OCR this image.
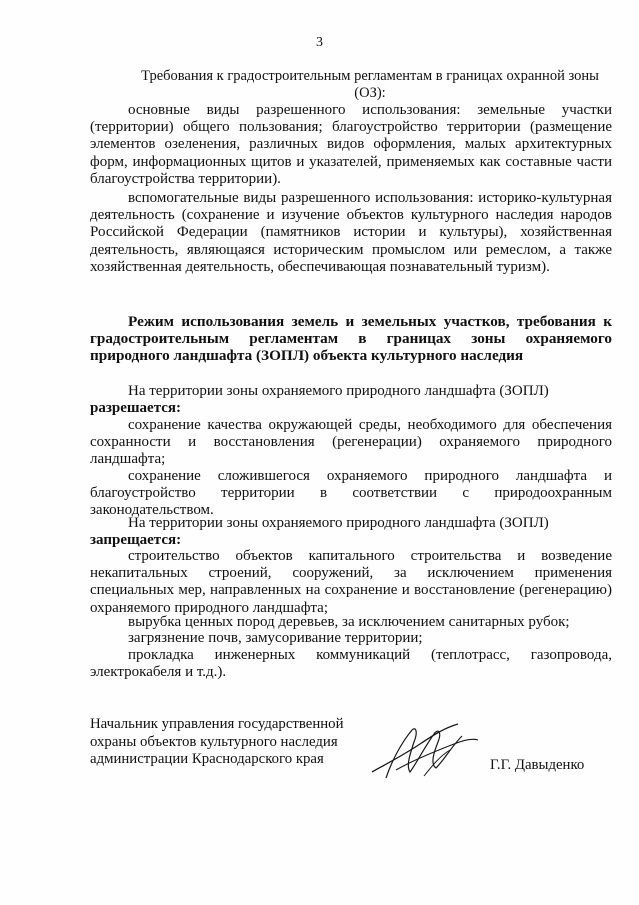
3
Требования к градостроительным регламентам в границах охранной зоны (ОЗ):
основные виды разрешенного использования: земельные участки (территории) общего пользования; благоустройство территории (размещение элементов озеленения, различных видов оформления, малых архитектурных форм, информационных щитов и указателей, применяемых как составные части благоустройства территории).
вспомогательные виды разрешенного использования: историко-культурная деятельность (сохранение и изучение объектов культурного наследия народов Российской Федерации (памятников истории и культуры), хозяйственная деятельность, являющаяся историческим промыслом или ремеслом, а также хозяйственная деятельность, обеспечивающая познавательный туризм).
Режим использования земель и земельных участков, требования к градостроительным регламентам в границах зоны охраняемого природного ландшафта (ЗОПЛ) объекта культурного наследия
На территории зоны охраняемого природного ландшафта (ЗОПЛ)
разрешается:
сохранение качества окружающей среды, необходимого для обеспечения сохранности и восстановления (регенерации) охраняемого природного ландшафта;
сохранение сложившегося охраняемого природного ландшафта и благоустройство территории в соответствии с природоохранным законодательством.
На территории зоны охраняемого природного ландшафта (ЗОПЛ)
запрещается:
строительство объектов капитального строительства и возведение некапитальных строений, сооружений, за исключением применения специальных мер, направленных на сохранение и восстановление (регенерацию) охраняемого природного ландшафта;
вырубка ценных пород деревьев, за исключением санитарных рубок;
загрязнение почв, замусоривание территории;
прокладка инженерных коммуникаций (теплотрасс, газопровода, электрокабеля и т.д.).
Начальник управления государственной
охраны объектов культурного наследия
администрации Краснодарского края	Г.Г. Давыденко
